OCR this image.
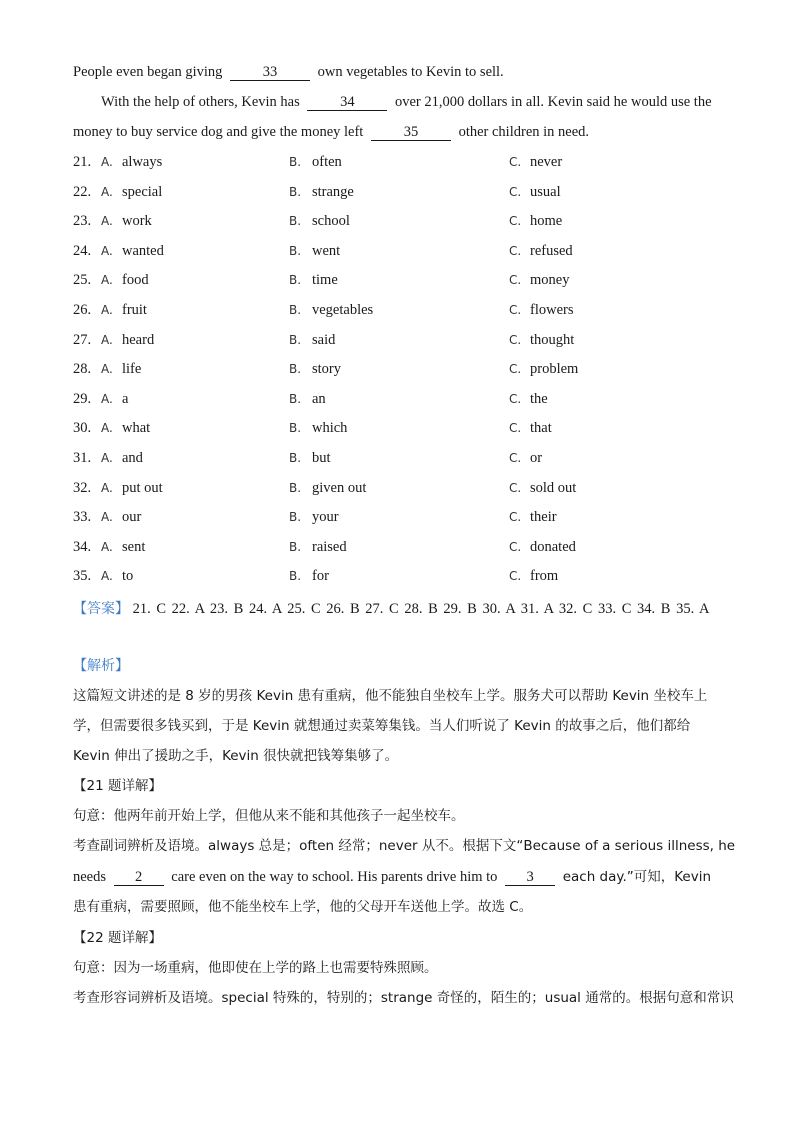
People even began giving	33	own vegetables to Kevin to sell.
With the help of others, Kevin has	34	over 21,000 dollars in all. Kevin said he would use the
money to buy service dog and give the money left	35	other children in need.
21. A. always	B. often	C. never
22. A. special	B. strange	C. usual
23. A. work	B. school	C. home
24. A. wanted	B. went	C. refused
25. A. food	B. time	C. money
26. A. fruit	B. vegetables	C. flowers
27. A. heard	B. said	C. thought
28. A. life	B. story	C. problem
29. A. a	B. an	C. the
30. A. what	B. which	C. that
31. A. and	B. but	C. or
32. A. put out	B. given out	C. sold out
33. A. our	B. your	C. their
34. A. sent	B. raised	C. donated
35. A. to	B. for	C. from
【答案】 21. C 22. A 23. B 24. A 25. C 26. B 27. C 28. B 29. B 30. A 31. A 32. C 33. C 34. B 35. A
【解析】
这篇短文讲述的是 8 岁的男孩 Kevin 患有重病，他不能独自坐校车上学。服务犬可以帮助 Kevin 坐校车上
学，但需要很多钱买到，于是 Kevin 就想通过卖菜筹集钱。当人们听说了 Kevin 的故事之后，他们都给
Kevin 伸出了援助之手，Kevin 很快就把钱筹集够了。
【21 题详解】
句意：他两年前开始上学，但他从来不能和其他孩子一起坐校车。
考查副词辨析及语境。always 总是；often 经常；never 从不。根据下文“Because of a serious illness, he
needs 2 care even on the way to school. His parents drive him to 3 each day.”可知，Kevin
患有重病，需要照顾，他不能坐校车上学，他的父母开车送他上学。故选 C。
【22 题详解】
句意：因为一场重病，他即使在上学的路上也需要特殊照顾。
考查形容词辨析及语境。special 特殊的，特别的；strange 奇怪的，陌生的；usual 通常的。根据句意和常识
